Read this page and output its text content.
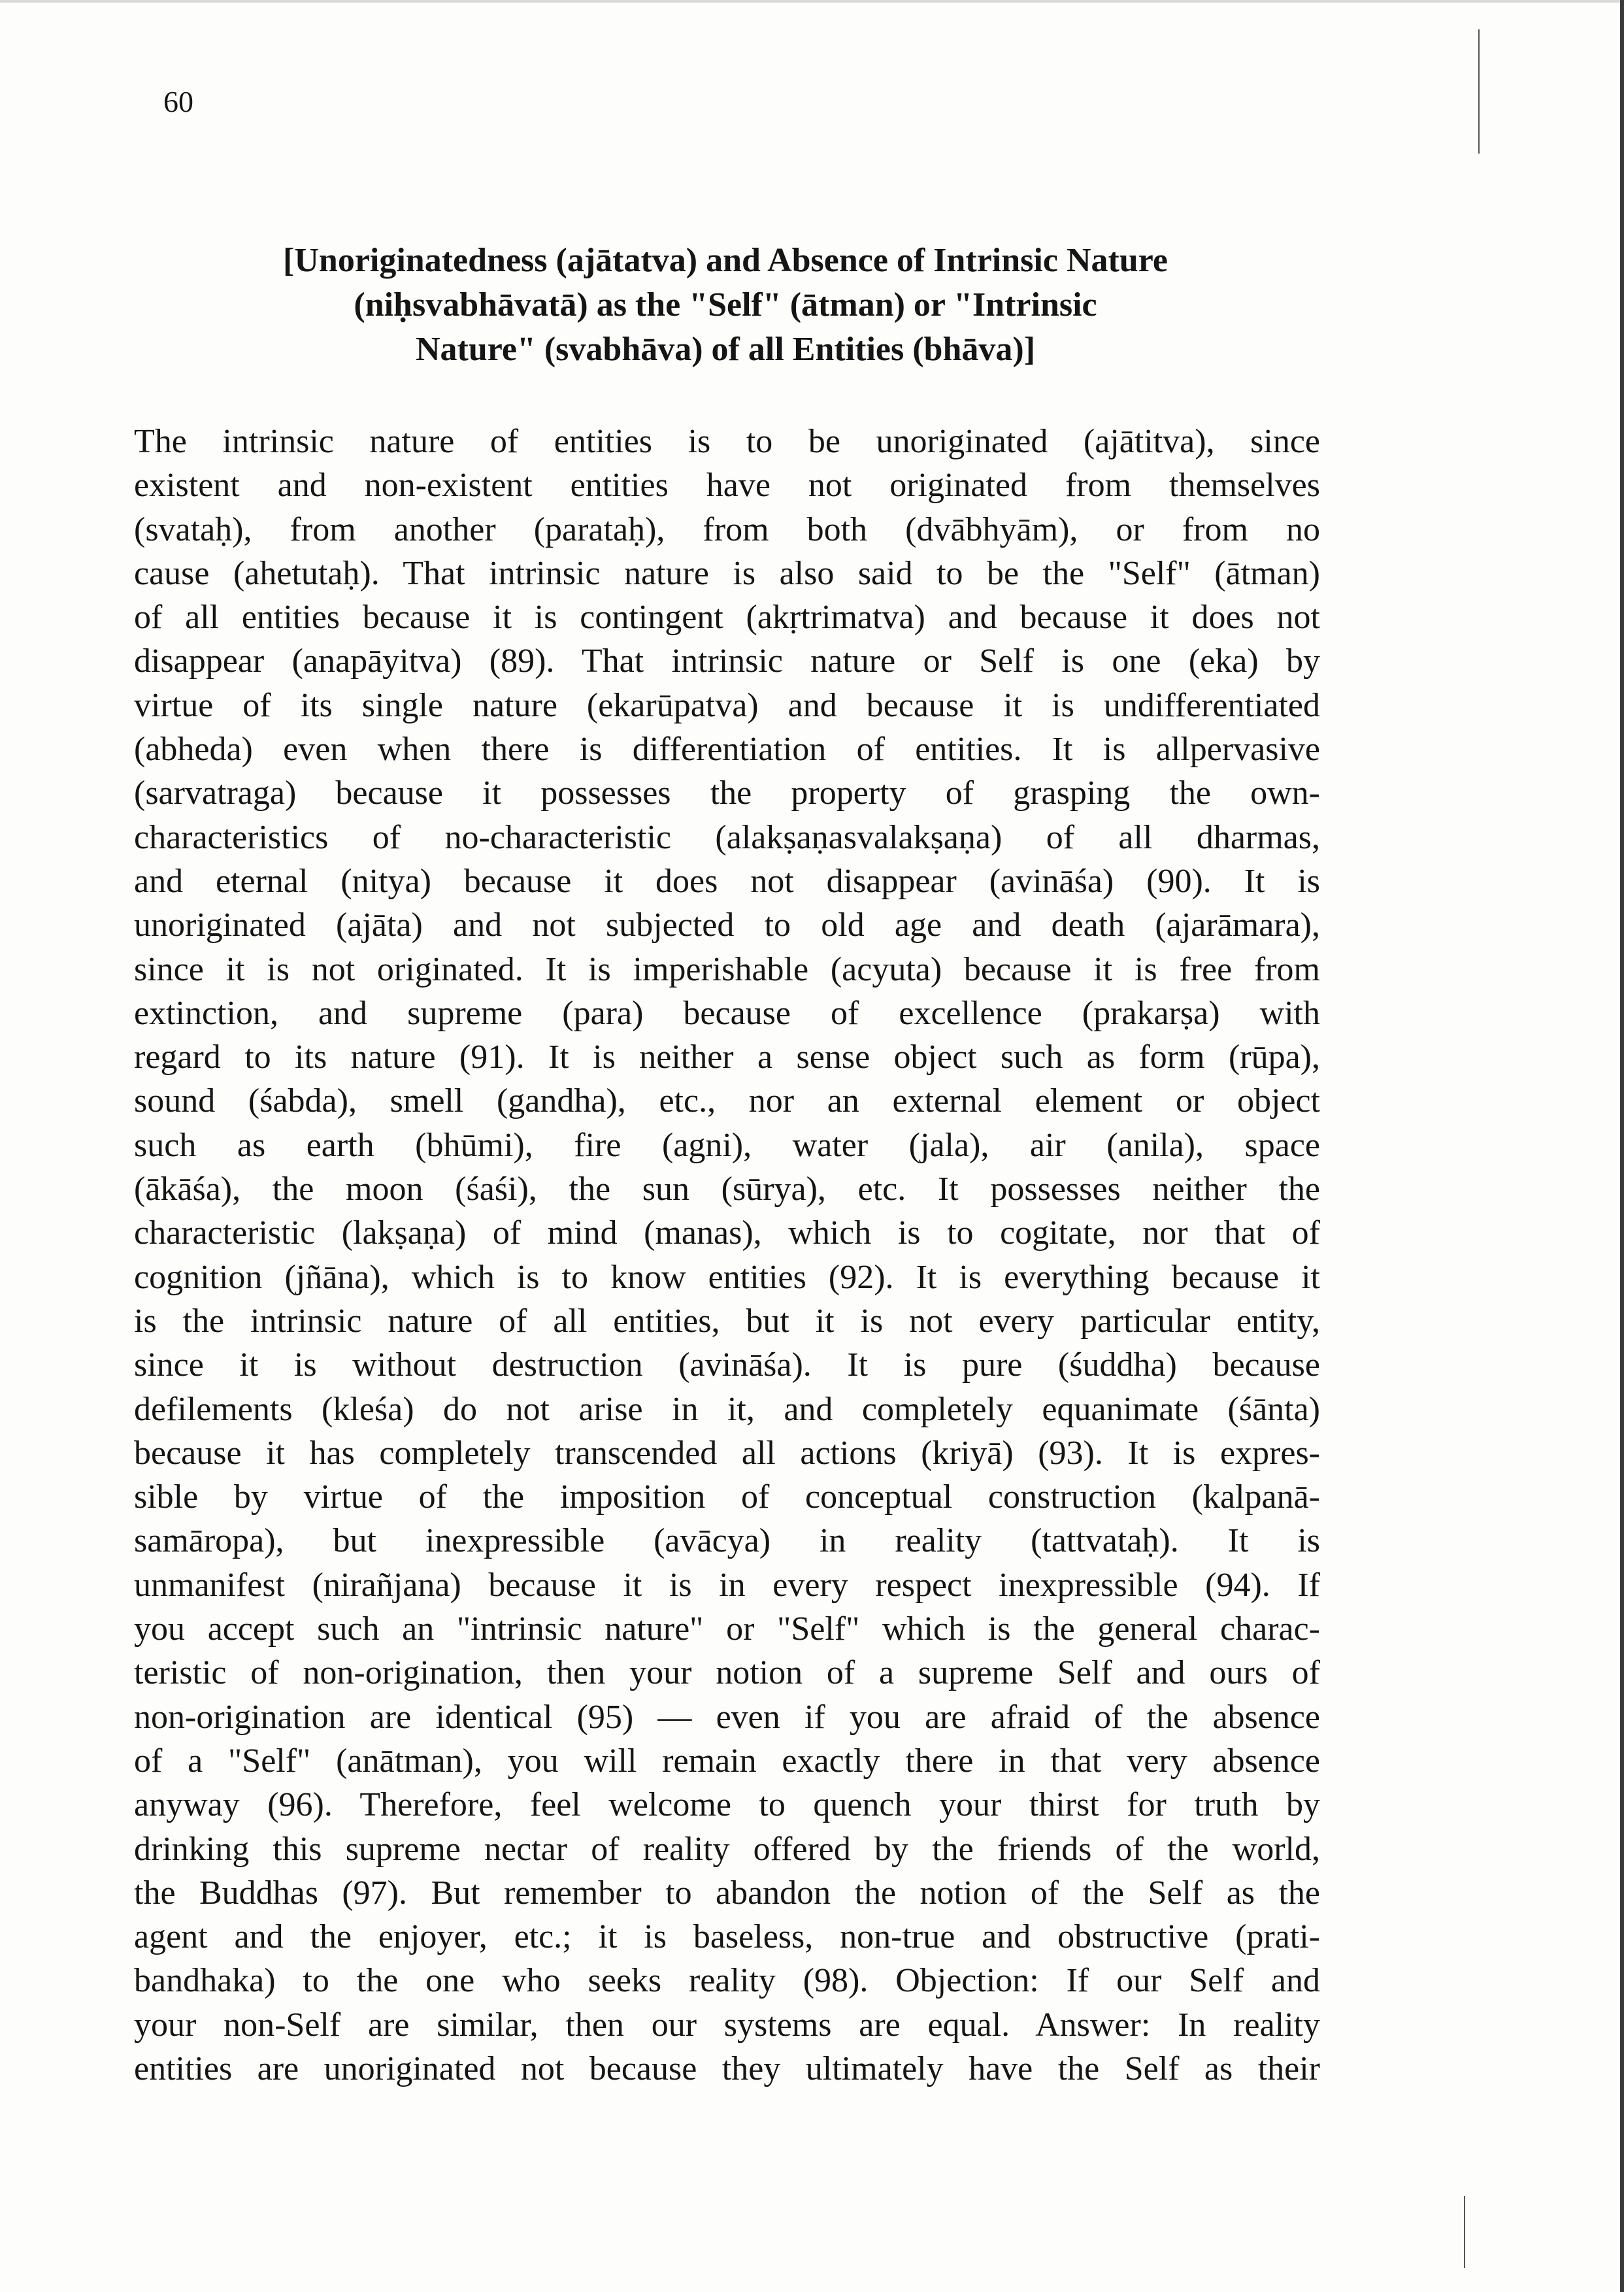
60

[Unoriginatedness (ajātatva) and Absence of Intrinsic Nature
(niḥsvabhāvatā) as the "Self" (ātman) or "Intrinsic
Nature" (svabhāva) of all Entities (bhāva)]
The intrinsic nature of entities is to be unoriginated (ajātitva), since
existent and non-existent entities have not originated from themselves
(svataḥ), from another (parataḥ), from both (dvābhyām), or from no
cause (ahetutaḥ). That intrinsic nature is also said to be the "Self" (ātman)
of all entities because it is contingent (akṛtrimatva) and because it does not
disappear (anapāyitva) (89). That intrinsic nature or Self is one (eka) by
virtue of its single nature (ekarūpatva) and because it is undifferentiated
(abheda) even when there is differentiation of entities. It is allpervasive
(sarvatraga) because it possesses the property of grasping the own-
characteristics of no-characteristic (alakṣaṇasvalakṣaṇa) of all dharmas,
and eternal (nitya) because it does not disappear (avināśa) (90). It is
unoriginated (ajāta) and not subjected to old age and death (ajarāmara),
since it is not originated. It is imperishable (acyuta) because it is free from
extinction, and supreme (para) because of excellence (prakarṣa) with
regard to its nature (91). It is neither a sense object such as form (rūpa),
sound (śabda), smell (gandha), etc., nor an external element or object
such as earth (bhūmi), fire (agni), water (jala), air (anila), space
(ākāśa), the moon (śaśi), the sun (sūrya), etc. It possesses neither the
characteristic (lakṣaṇa) of mind (manas), which is to cogitate, nor that of
cognition (jñāna), which is to know entities (92). It is everything because it
is the intrinsic nature of all entities, but it is not every particular entity,
since it is without destruction (avināśa). It is pure (śuddha) because
defilements (kleśa) do not arise in it, and completely equanimate (śānta)
because it has completely transcended all actions (kriyā) (93). It is expres-
sible by virtue of the imposition of conceptual construction (kalpanā-
samāropa), but inexpressible (avācya) in reality (tattvataḥ). It is
unmanifest (nirañjana) because it is in every respect inexpressible (94). If
you accept such an "intrinsic nature" or "Self" which is the general charac-
teristic of non-origination, then your notion of a supreme Self and ours of
non-origination are identical (95) — even if you are afraid of the absence
of a "Self" (anātman), you will remain exactly there in that very absence
anyway (96). Therefore, feel welcome to quench your thirst for truth by
drinking this supreme nectar of reality offered by the friends of the world,
the Buddhas (97). But remember to abandon the notion of the Self as the
agent and the enjoyer, etc.; it is baseless, non-true and obstructive (prati-
bandhaka) to the one who seeks reality (98). Objection: If our Self and
your non-Self are similar, then our systems are equal. Answer: In reality
entities are unoriginated not because they ultimately have the Self as their
